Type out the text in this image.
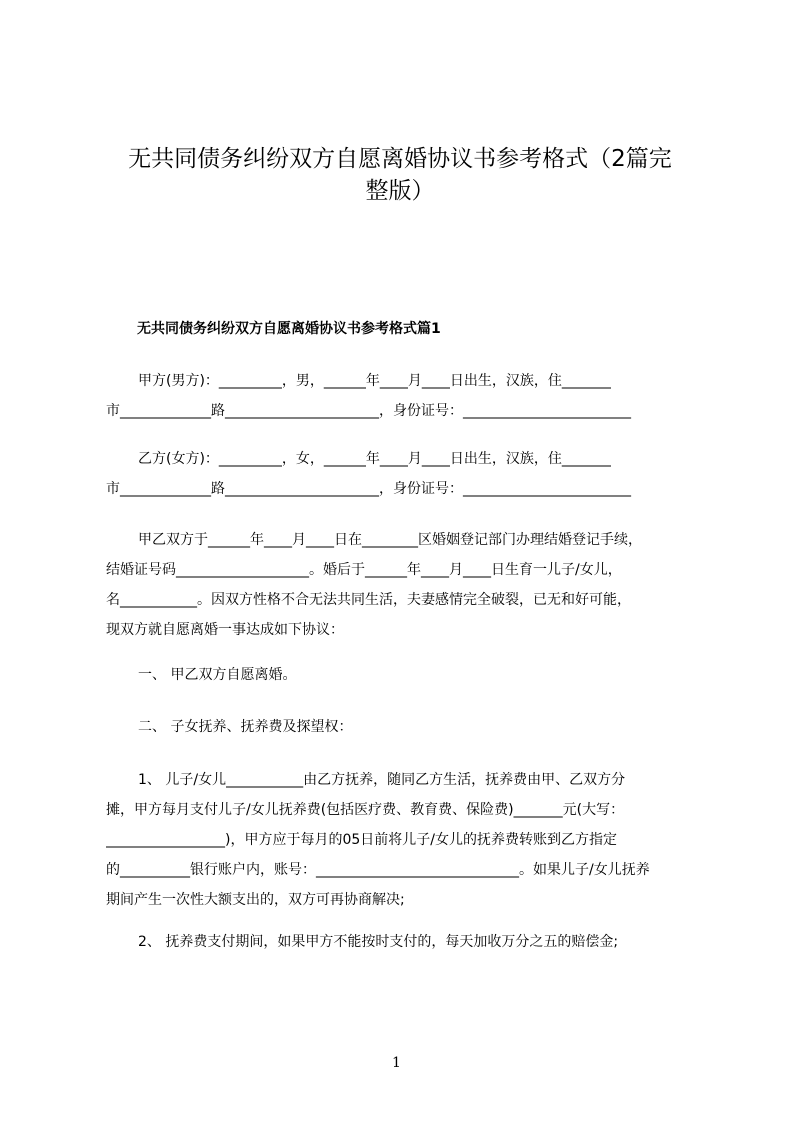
无共同债务纠纷双方自愿离婚协议书参考格式（2篇完
整版）
无共同债务纠纷双方自愿离婚协议书参考格式篇1
甲方(男方)：_________，男，______年____月____日出生，汉族，住_______
市_____________路______________________，身份证号：________________________
乙方(女方)：_________，女，______年____月____日出生，汉族，住_______
市_____________路______________________，身份证号：________________________
甲乙双方于______年____月____日在________区婚姻登记部门办理结婚登记手续，
结婚证号码___________________。婚后于______年____月____日生育一儿子/女儿，
名___________。因双方性格不合无法共同生活，夫妻感情完全破裂，已无和好可能，
现双方就自愿离婚一事达成如下协议：
一、 甲乙双方自愿离婚。
二、 子女抚养、抚养费及探望权：
1、 儿子/女儿___________由乙方抚养，随同乙方生活，抚养费由甲、乙双方分
摊，甲方每月支付儿子/女儿抚养费(包括医疗费、教育费、保险费)_______元(大写：
_________________)，甲方应于每月的05日前将儿子/女儿的抚养费转账到乙方指定
的__________银行账户内，账号：_____________________________。如果儿子/女儿抚养
期间产生一次性大额支出的，双方可再协商解决;
2、 抚养费支付期间，如果甲方不能按时支付的，每天加收万分之五的赔偿金;
1
